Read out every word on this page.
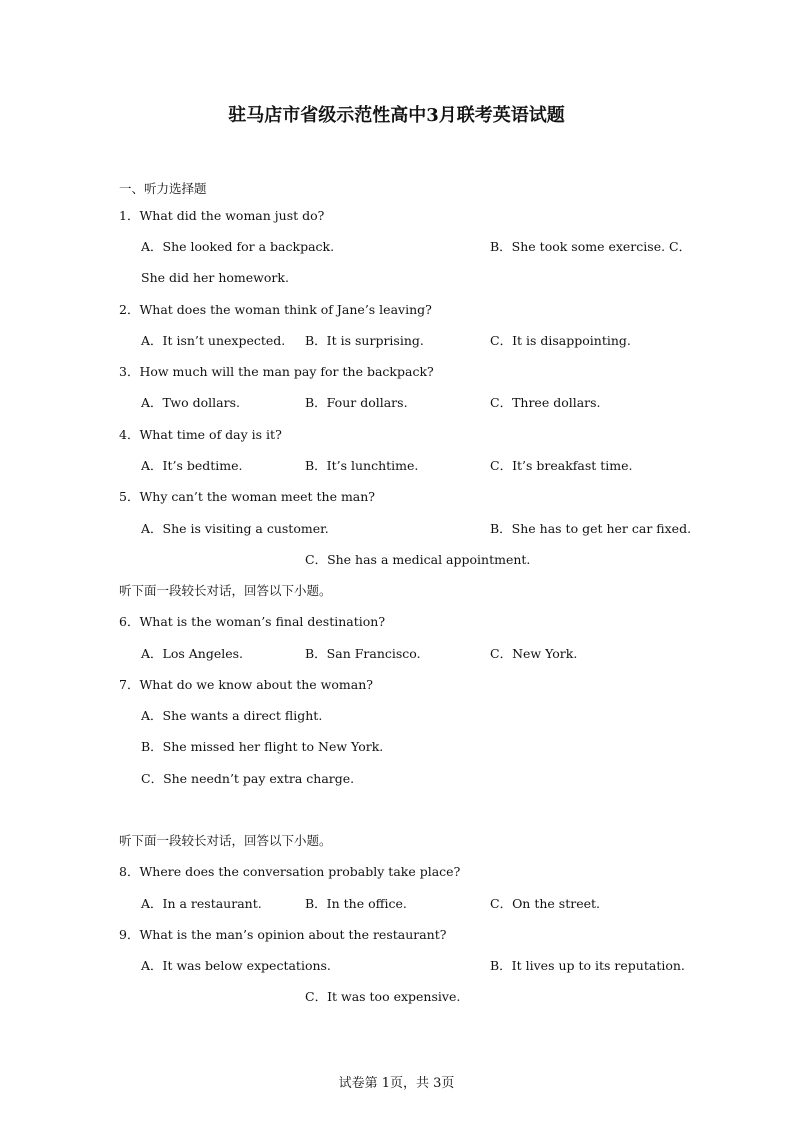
驻马店市省级示范性高中3月联考英语试题
一、听力选择题
1．What did the woman just do?
A．She looked for a backpack.	B．She took some exercise. C．
She did her homework.
2．What does the woman think of Jane’s leaving?
A．It isn’t unexpected. B．It is surprising.	C．It is disappointing.
3．How much will the man pay for the backpack?
A．Two dollars.	B．Four dollars.	C．Three dollars.
4．What time of day is it?
A．It’s bedtime.	B．It’s lunchtime.	C．It’s breakfast time.
5．Why can’t the woman meet the man?
A．She is visiting a customer.	B．She has to get her car fixed.
C．She has a medical appointment.
听下面一段较长对话，回答以下小题。
6．What is the woman’s final destination?
A．Los Angeles.	B．San Francisco.	C．New York.
7．What do we know about the woman?
A．She wants a direct flight.
B．She missed her flight to New York.
C．She needn’t pay extra charge.
听下面一段较长对话，回答以下小题。
8．Where does the conversation probably take place?
A．In a restaurant.	B．In the office.	C．On the street.
9．What is the man’s opinion about the restaurant?
A．It was below expectations.	B．It lives up to its reputation.
C．It was too expensive.
试卷第 1页，共 3页
